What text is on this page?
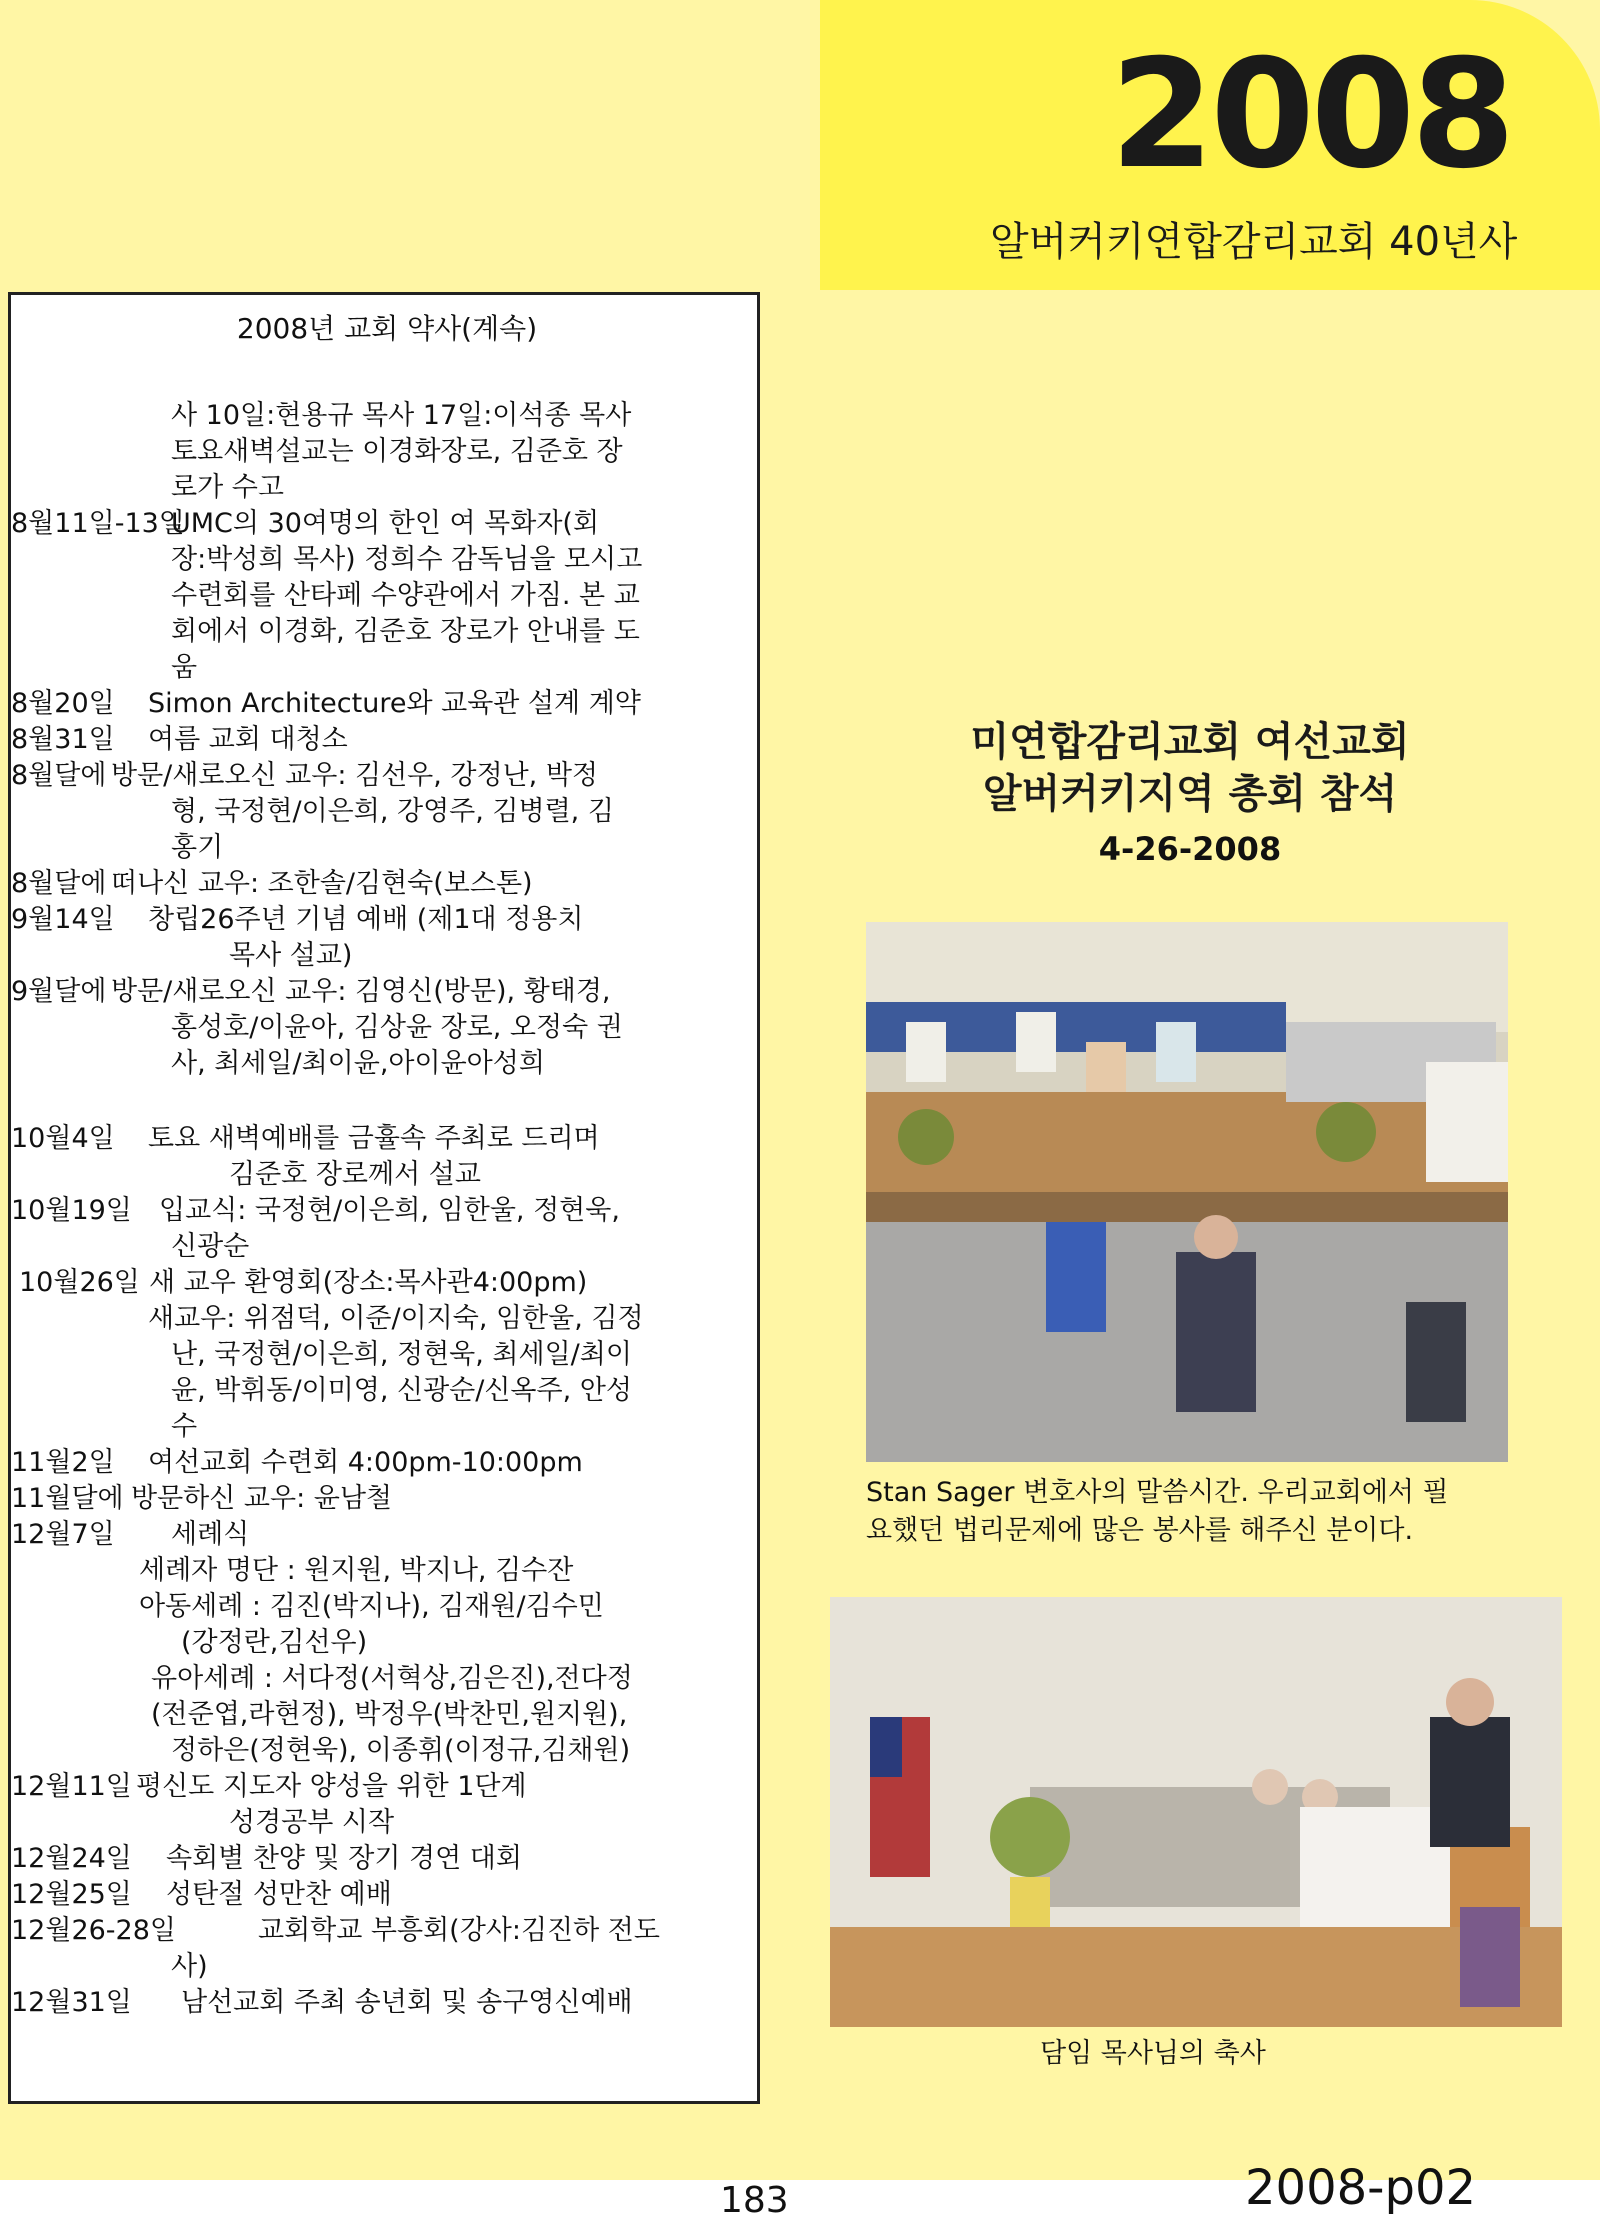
2008
알버커키연합감리교회 40년사
2008년 교회 약사(계속)
사 10일:현용규 목사 17일:이석종 목사
토요새벽설교는 이경화장로, 김준호 장
로가 수고
8월11일-13일
UMC의 30여명의 한인 여 목화자(회
장:박성희 목사) 정희수 감독님을 모시고
수련회를 산타페 수양관에서 가짐. 본 교
회에서 이경화, 김준호 장로가 안내를 도
움
8월20일 Simon Architecture와 교육관 설계 계약
8월31일 여름 교회 대청소
8월달에 방문/새로오신 교우: 김선우, 강정난, 박정
형, 국정현/이은희, 강영주, 김병렬, 김
홍기
8월달에 떠나신 교우: 조한솔/김현숙(보스톤)
9월14일 창립26주년 기념 예배 (제1대 정용치
목사 설교)
9월달에 방문/새로오신 교우: 김영신(방문), 황태경,
홍성호/이윤아, 김상윤 장로, 오정숙 권
사, 최세일/최이윤,아이윤아성희
10월4일 토요 새벽예배를 금휼속 주최로 드리며
김준호 장로께서 설교
10월19일 입교식: 국정현/이은희, 임한울, 정현욱,
신광순
10월26일 새 교우 환영회(장소:목사관4:00pm)
새교우: 위점덕, 이준/이지숙, 임한울, 김정
난, 국정현/이은희, 정현욱, 최세일/최이
윤, 박휘동/이미영, 신광순/신옥주, 안성
수
11월2일 여선교회 수련회 4:00pm-10:00pm
11월달에 방문하신 교우: 윤남철
12월7일 세례식
세례자 명단 : 원지원, 박지나, 김수잔
아동세례 : 김진(박지나), 김재원/김수민
(강정란,김선우)
유아세례 : 서다정(서혁상,김은진),전다정
(전준엽,라현정), 박정우(박찬민,원지원),
정하은(정현욱), 이종휘(이정규,김채원)
12월11일 평신도 지도자 양성을 위한 1단계
성경공부 시작
12월24일 속회별 찬양 및 장기 경연 대회
12월25일 성탄절 성만찬 예배
12월26-28일	교회학교 부흥회(강사:김진하 전도
사)
12월31일 남선교회 주최 송년회 및 송구영신예배
미연합감리교회 여선교회
알버커키지역 총회 참석
4-26-2008
Stan Sager 변호사의 말씀시간. 우리교회에서 필
요했던 법리문제에 많은 봉사를 해주신 분이다.
담임 목사님의 축사
183	2008-p02
